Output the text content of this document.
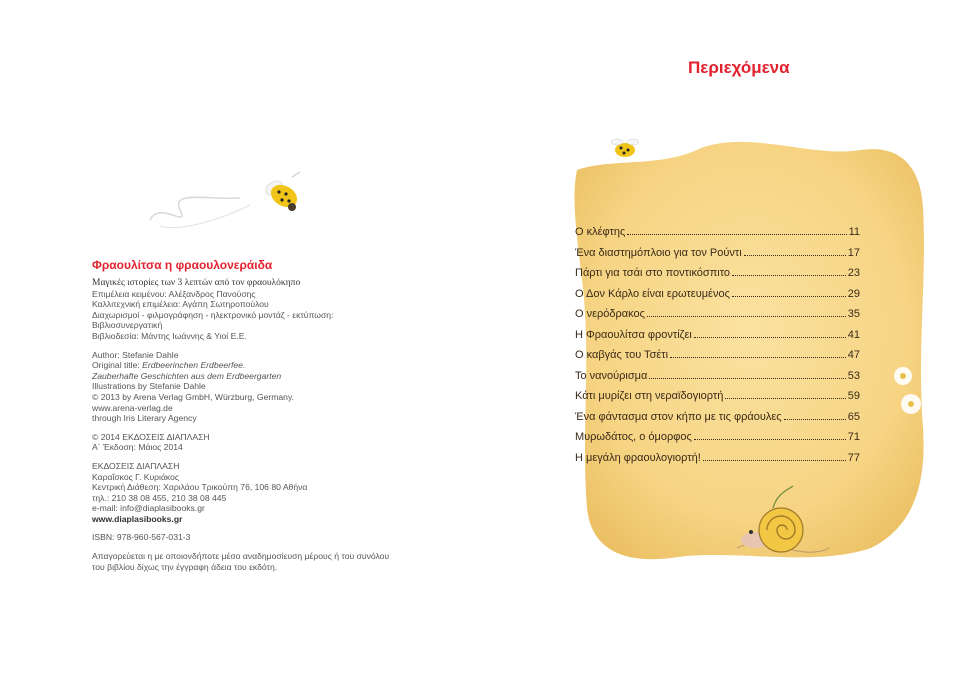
Φραουλίτσα η φραουλονεράιδα
Μαγικές ιστορίες των 3 λεπτών από τον φραουλόκηπο
Επιμέλεια κειμένου: Αλέξανδρος Πανούσης
Καλλιτεχνική επιμέλεια: Αγάπη Σωτηροπούλου
Διαχωρισμοί - φιλμογράφηση - ηλεκτρονικό μοντάζ - εκτύπωση:
Βιβλιοσυνεργατική
Βιβλιοδεσία: Μάντης Ιωάννης & Υιοί Ε.Ε.
Author: Stefanie Dahle
Original title: Erdbeerinchen Erdbeerfee.
Zauberhafte Geschichten aus dem Erdbeergarten
Illustrations by Stefanie Dahle
© 2013 by Arena Verlag GmbH, Würzburg, Germany.
www.arena-verlag.de
through Iris Literary Agency
© 2014 ΕΚΔΟΣΕΙΣ ΔΙΑΠΛΑΣΗ
Α΄ Έκδοση: Μάιος 2014
ΕΚΔΟΣΕΙΣ ΔΙΑΠΛΑΣΗ
Καραΐσκος Γ. Κυριάκος
Κεντρική Διάθεση: Χαριλάου Τρικούπη 76, 106 80 Αθήνα
τηλ.: 210 38 08 455, 210 38 08 445
e-mail: info@diaplasibooks.gr
www.diaplasibooks.gr
ISBN: 978-960-567-031-3
Απαγορεύεται η με οποιονδήποτε μέσο αναδημοσίευση μέρους ή του συνόλου
του βιβλίου δίχως την έγγραφη άδεια του εκδότη.
Περιεχόμενα
Ο κλέφτης	11
Ένα διαστημόπλοιο για τον Ρούντι	17
Πάρτι για τσάι στο ποντικόσπιτο	23
Ο Δον Κάρλο είναι ερωτευμένος	29
Ο νερόδρακος	35
Η Φραουλίτσα φροντίζει	41
Ο καβγάς του Τσέτι	47
Το νανούρισμα	53
Κάτι μυρίζει στη νεραϊδογιορτή	59
Ένα φάντασμα στον κήπο με τις φράουλες	65
Μυρωδάτος, ο όμορφος	71
Η μεγάλη φραουλογιορτή!	77
